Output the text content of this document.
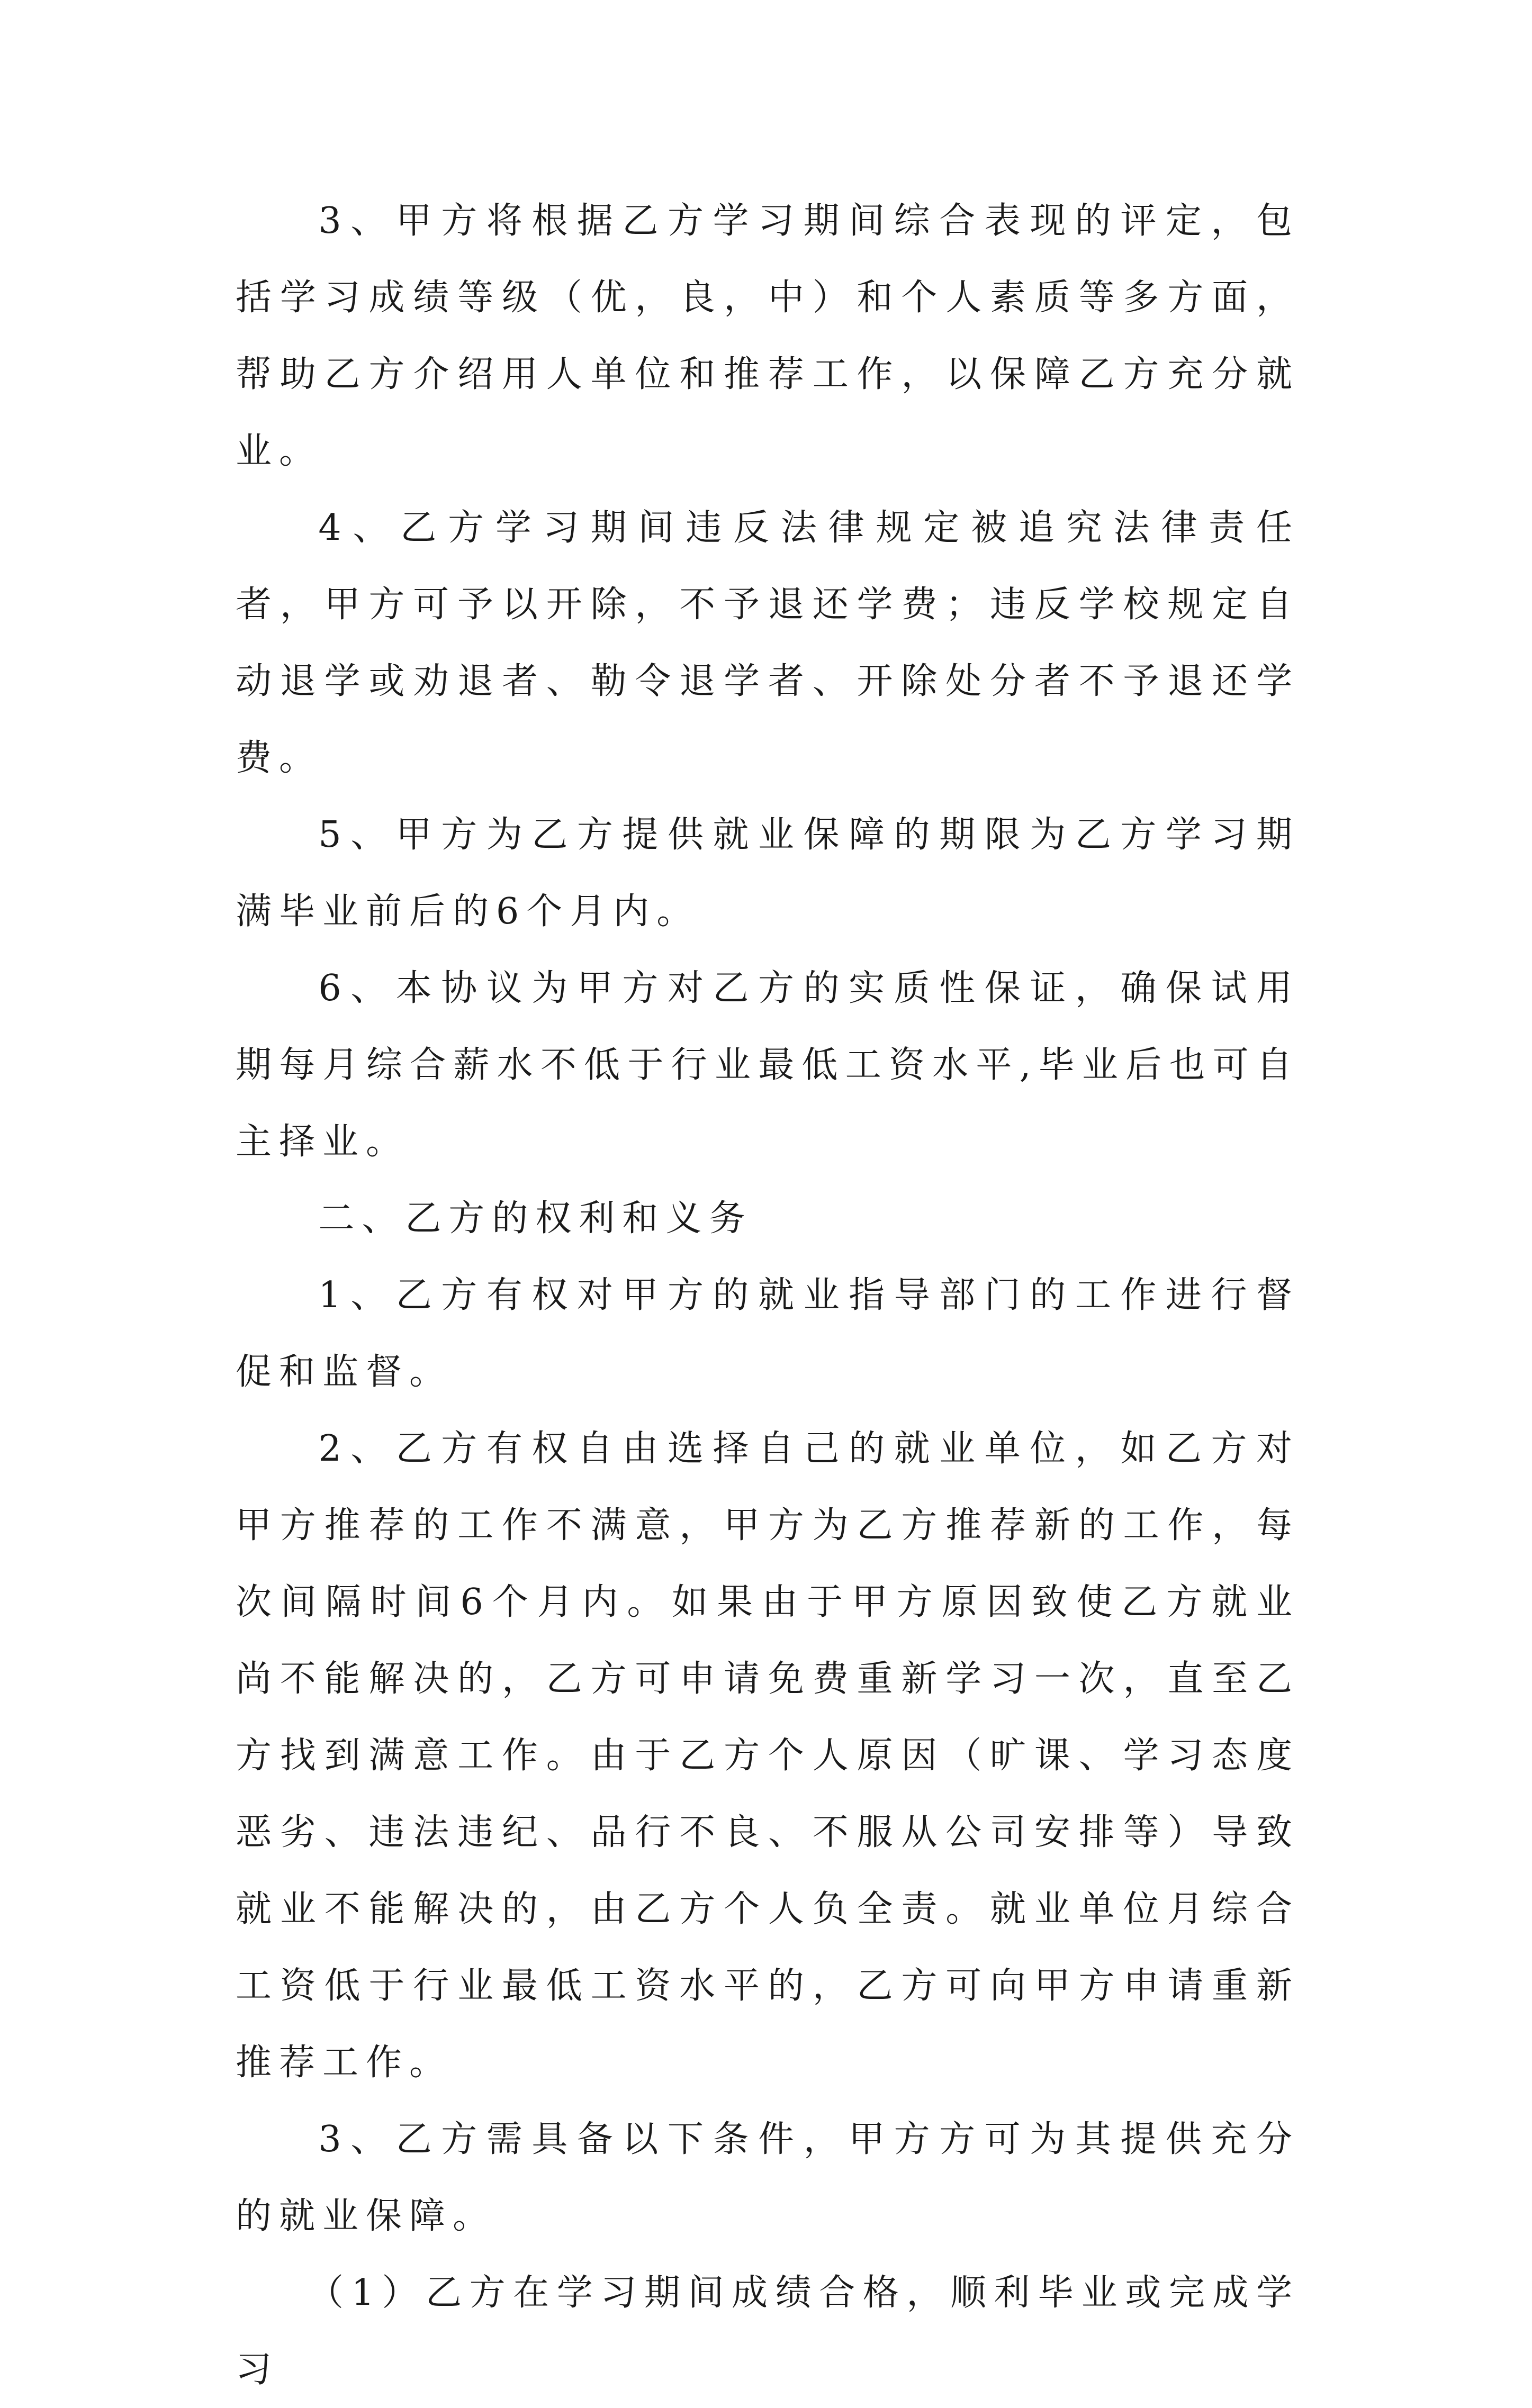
3、甲方将根据乙方学习期间综合表现的评定，包括学习成绩等级（优，良，中）和个人素质等多方面，帮助乙方介绍用人单位和推荐工作，以保障乙方充分就业。

4、乙方学习期间违反法律规定被追究法律责任者，甲方可予以开除，不予退还学费；违反学校规定自动退学或劝退者、勒令退学者、开除处分者不予退还学费。

5、甲方为乙方提供就业保障的期限为乙方学习期满毕业前后的6个月内。

6、本协议为甲方对乙方的实质性保证，确保试用期每月综合薪水不低于行业最低工资水平,毕业后也可自主择业。

二、乙方的权利和义务

1、乙方有权对甲方的就业指导部门的工作进行督促和监督。

2、乙方有权自由选择自己的就业单位，如乙方对甲方推荐的工作不满意，甲方为乙方推荐新的工作，每次间隔时间6个月内。如果由于甲方原因致使乙方就业尚不能解决的，乙方可申请免费重新学习一次，直至乙方找到满意工作。由于乙方个人原因（旷课、学习态度恶劣、违法违纪、品行不良、不服从公司安排等）导致就业不能解决的，由乙方个人负全责。就业单位月综合工资低于行业最低工资水平的，乙方可向甲方申请重新推荐工作。

3、乙方需具备以下条件，甲方方可为其提供充分的就业保障。

（1）乙方在学习期间成绩合格，顺利毕业或完成学习
